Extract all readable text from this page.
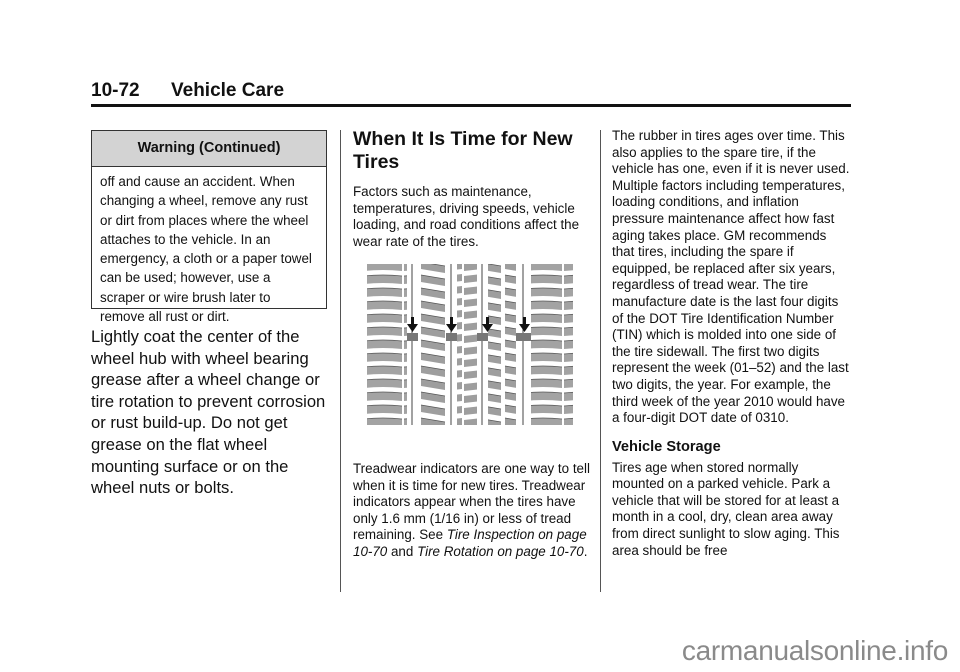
10-72 Vehicle Care
Warning (Continued)
off and cause an accident. When changing a wheel, remove any rust or dirt from places where the wheel attaches to the vehicle. In an emergency, a cloth or a paper towel can be used; however, use a scraper or wire brush later to remove all rust or dirt.
Lightly coat the center of the wheel hub with wheel bearing grease after a wheel change or tire rotation to prevent corrosion or rust build-up. Do not get grease on the flat wheel mounting surface or on the wheel nuts or bolts.
When It Is Time for New Tires

Factors such as maintenance, temperatures, driving speeds, vehicle loading, and road conditions affect the wear rate of the tires.

Treadwear indicators are one way to tell when it is time for new tires. Treadwear indicators appear when the tires have only 1.6 mm (1/16 in) or less of tread remaining. See Tire Inspection on page 10-70 and Tire Rotation on page 10-70.

The rubber in tires ages over time. This also applies to the spare tire, if the vehicle has one, even if it is never used. Multiple factors including temperatures, loading conditions, and inflation pressure maintenance affect how fast aging takes place. GM recommends that tires, including the spare if equipped, be replaced after six years, regardless of tread wear. The tire manufacture date is the last four digits of the DOT Tire Identification Number (TIN) which is molded into one side of the tire sidewall. The first two digits represent the week (01–52) and the last two digits, the year. For example, the third week of the year 2010 would have a four-digit DOT date of 0310.

Vehicle Storage

Tires age when stored normally mounted on a parked vehicle. Park a vehicle that will be stored for at least a month in a cool, dry, clean area away from direct sunlight to slow aging. This area should be free

carmanualsonline.info
